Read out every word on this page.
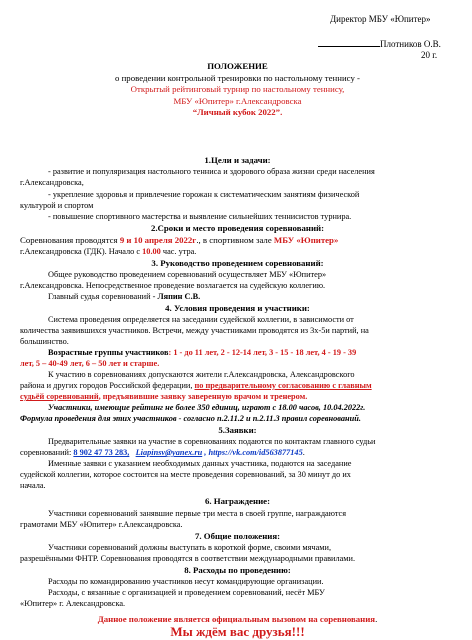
Директор МБУ «Юпитер»
Плотников О.В.
20 г.
ПОЛОЖЕНИЕ
о проведении контрольной тренировки по настольному теннису -
Открытый рейтинговый турнир по настольному теннису,
МБУ «Юпитер» г.Александровска
“Личный кубок 2022”.
1.Цели и задачи:
- развитие и популяризация настольного тенниса и здорового образа жизни среди населения
г.Александровска,
- укрепление здоровья и привлечение горожан к систематическим занятиям физической
культурой и спортом
- повышение спортивного мастерства и выявление сильнейших теннисистов турнира.
2.Сроки и место проведения соревнований:
Соревнования проводятся 9 и 10 апреля 2022г., в спортивном зале МБУ «Юпитер»
г.Александровска (ГДК). Начало с 10.00 час. утра.
3. Руководство проведением соревнований:
Общее руководство проведением соревнований осуществляет МБУ «Юпитер»
г.Александровска. Непосредственное проведение возлагается на судейскую коллегию.
Главный судья соревнований - Ляпин С.В.
4. Условия проведения и участники:
Система проведения определяется на заседании судейской коллегии, в зависимости от
количества заявившихся участников. Встречи, между участниками проводятся из 3х-5и партий, на
большинство.
Возрастные группы участников: 1 - до 11 лет, 2 - 12-14 лет, 3 - 15 - 18 лет, 4 - 19 - 39
лет, 5 – 40-49 лет, 6 – 50 лет и старше.
К участию в соревнованиях допускаются жители г.Александровска, Александровского
района и других городов Российской федерации, по предварительному согласованию с главным
судьёй соревнований, предъявившие заявку заверенную врачом и тренером.
Участники, имеющие рейтинг не более 350 единиц, играют с 18.00 часов, 10.04.2022г.
Формула проведения для этих участников - согласно п.2.11.2 и п.2.11.3 правил соревнований.
5.Заявки:
Предварительные заявки на участие в соревнованиях подаются по контактам главного судьи
соревнований: 8 902 47 73 283, Liapinsv@yanex.ru , https://vk.com/id563877145.
Именные заявки с указанием необходимых данных участника, подаются на заседание
судейской коллегии, которое состоится на месте проведения соревнований, за 30 минут до их
начала.
6. Награждение:
Участники соревнований занявшие первые три места в своей группе, награждаются
грамотами МБУ «Юпитер» г.Александровска.
7. Общие положения:
Участники соревнований должны выступать в короткой форме, своими мячами,
разрешёнными ФНТР. Соревнования проводятся в соответствии международными правилами.
8. Расходы по проведению:
Расходы по командированию участников несут командирующие организации.
Расходы, с вязанные с организацией и проведением соревнований, несёт МБУ
«Юпитер» г. Александровска.
Данное положение является официальным вызовом на соревнования.
Мы ждём вас друзья!!!
